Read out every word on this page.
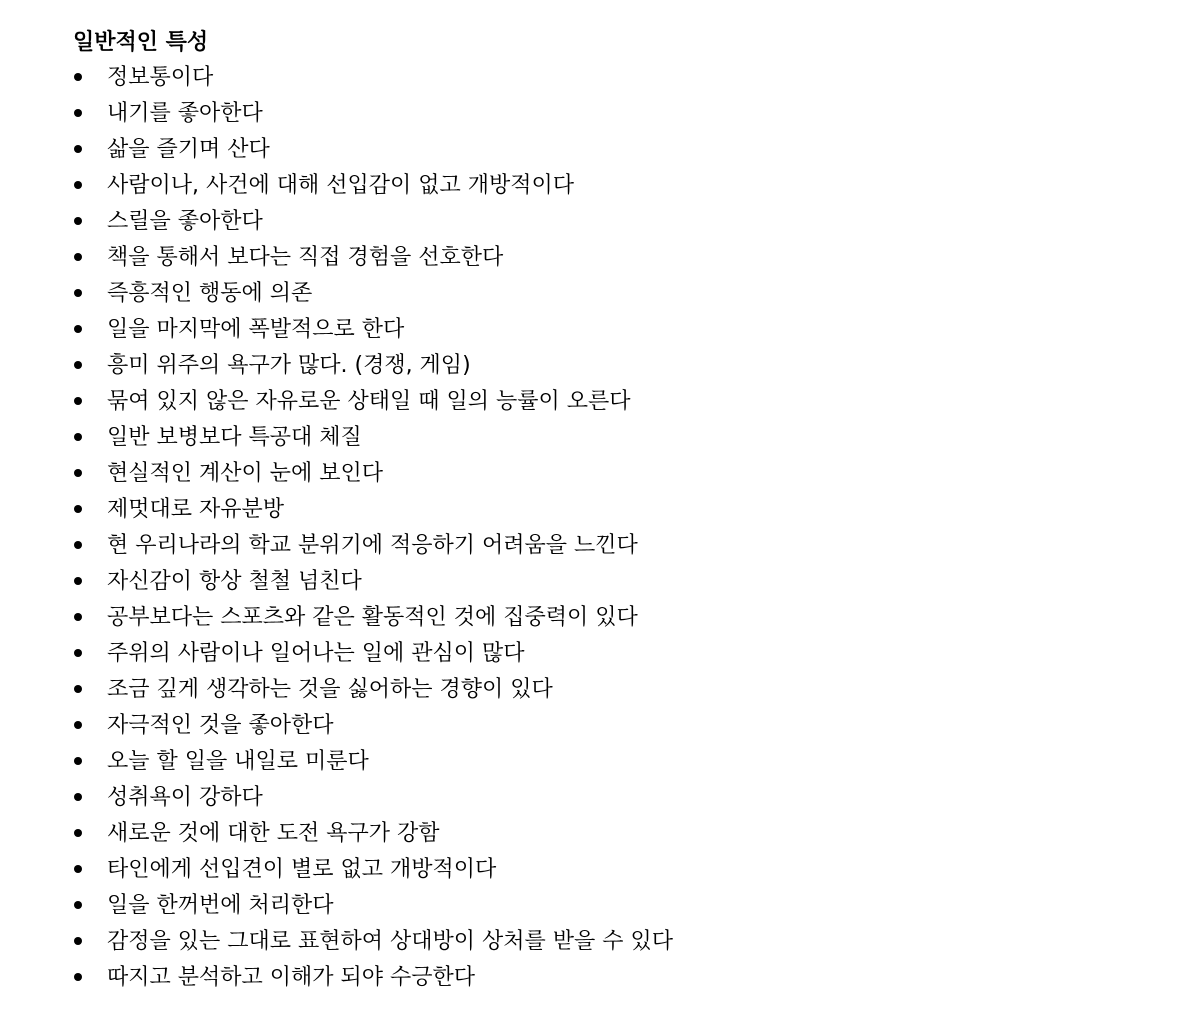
일반적인 특성
정보통이다
내기를 좋아한다
삶을 즐기며 산다
사람이나, 사건에 대해 선입감이 없고 개방적이다
스릴을 좋아한다
책을 통해서 보다는 직접 경험을 선호한다
즉흥적인 행동에 의존
일을 마지막에 폭발적으로 한다
흥미 위주의 욕구가 많다. (경쟁, 게임)
묶여 있지 않은 자유로운 상태일 때 일의 능률이 오른다
일반 보병보다 특공대 체질
현실적인 계산이 눈에 보인다
제멋대로 자유분방
현 우리나라의 학교 분위기에 적응하기 어려움을 느낀다
자신감이 항상 철철 넘친다
공부보다는 스포츠와 같은 활동적인 것에 집중력이 있다
주위의 사람이나 일어나는 일에 관심이 많다
조금 깊게 생각하는 것을 싫어하는 경향이 있다
자극적인 것을 좋아한다
오늘 할 일을 내일로 미룬다
성취욕이 강하다
새로운 것에 대한 도전 욕구가 강함
타인에게 선입견이 별로 없고 개방적이다
일을 한꺼번에 처리한다
감정을 있는 그대로 표현하여 상대방이 상처를 받을 수 있다
따지고 분석하고 이해가 되야 수긍한다
